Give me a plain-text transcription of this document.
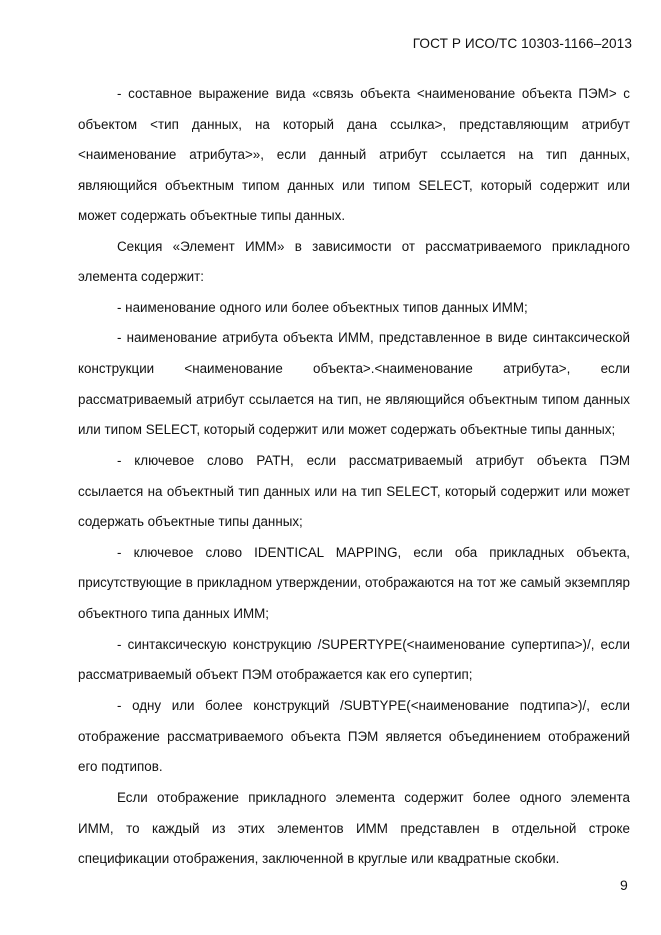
ГОСТ Р ИСО/ТС 10303-1166–2013
- составное выражение вида «связь объекта <наименование объекта ПЭМ> с
объектом <тип данных, на который дана ссылка>, представляющим атрибут
<наименование атрибута>», если данный атрибут ссылается на тип данных,
являющийся объектным типом данных или типом SELECT, который содержит или
может содержать объектные типы данных.
Секция «Элемент ИММ» в зависимости от рассматриваемого прикладного
элемента содержит:
- наименование одного или более объектных типов данных ИММ;
- наименование атрибута объекта ИММ, представленное в виде синтаксической
конструкции <наименование объекта>.<наименование атрибута>, если
рассматриваемый атрибут ссылается на тип, не являющийся объектным типом данных
или типом SELECT, который содержит или может содержать объектные типы данных;
- ключевое слово PATH, если рассматриваемый атрибут объекта ПЭМ
ссылается на объектный тип данных или на тип SELECT, который содержит или может
содержать объектные типы данных;
- ключевое слово IDENTICAL MAPPING, если оба прикладных объекта,
присутствующие в прикладном утверждении, отображаются на тот же самый экземпляр
объектного типа данных ИММ;
- синтаксическую конструкцию /SUPERTYPE(<наименование супертипа>)/, если
рассматриваемый объект ПЭМ отображается как его супертип;
- одну или более конструкций /SUBTYPE(<наименование подтипа>)/, если
отображение рассматриваемого объекта ПЭМ является объединением отображений
его подтипов.
Если отображение прикладного элемента содержит более одного элемента
ИММ, то каждый из этих элементов ИММ представлен в отдельной строке
спецификации отображения, заключенной в круглые или квадратные скобки.
9
